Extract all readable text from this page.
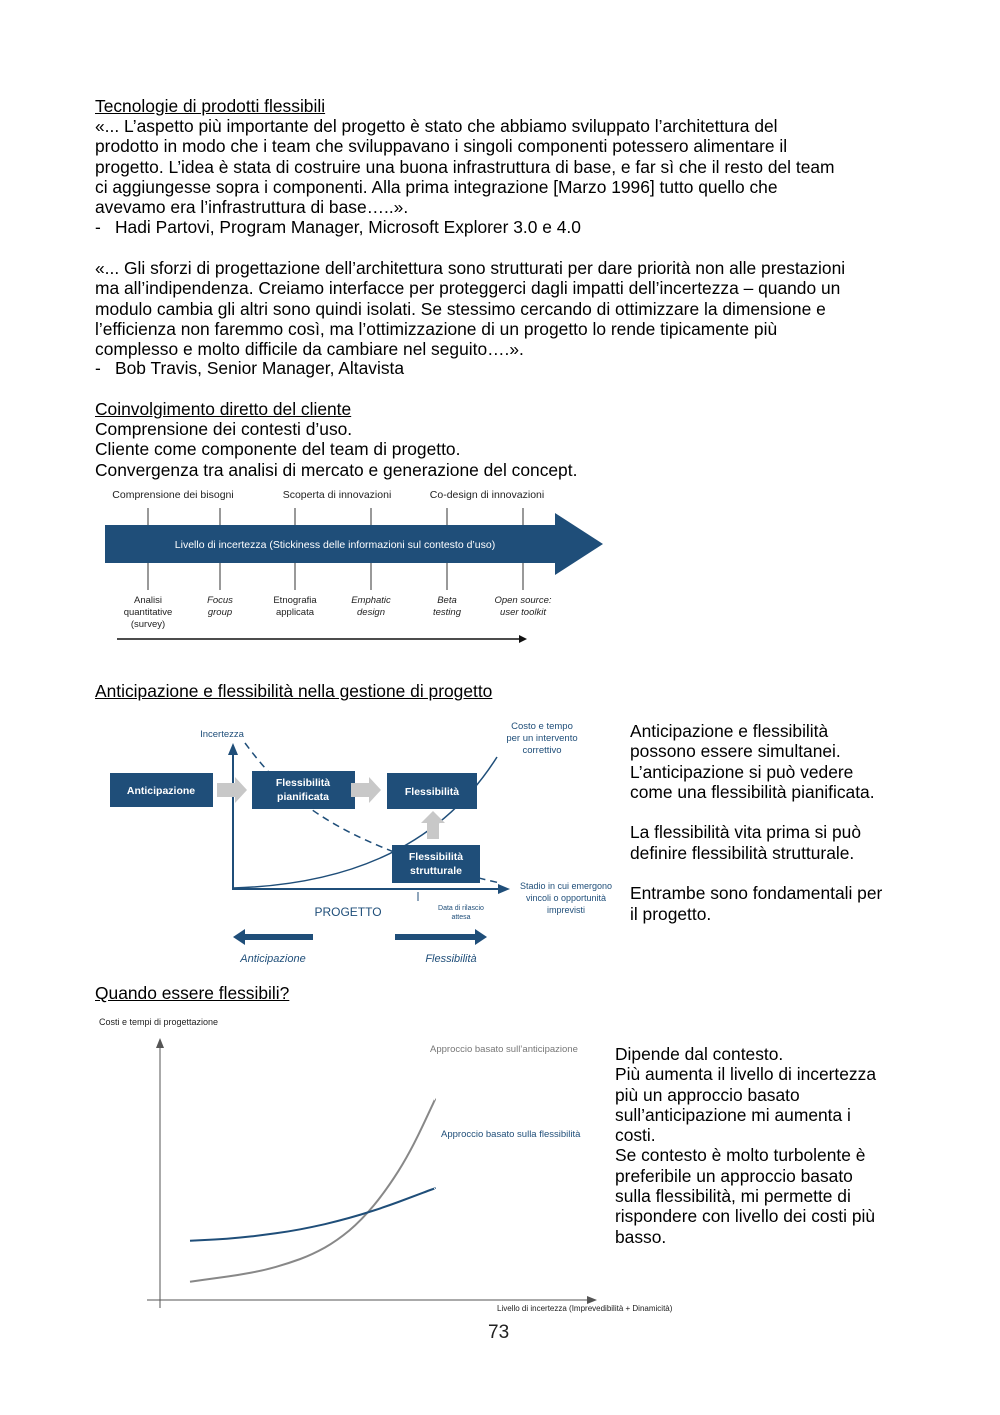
Tecnologie di prodotti flessibili
«... L’aspetto più importante del progetto è stato che abbiamo sviluppato l’architettura del
prodotto in modo che i team che sviluppavano i singoli componenti potessero alimentare il
progetto. L’idea è stata di costruire una buona infrastruttura di base, e far sì che il resto del team
ci aggiungesse sopra i componenti. Alla prima integrazione [Marzo 1996] tutto quello che
avevamo era l’infrastruttura di base…..».
- Hadi Partovi, Program Manager, Microsoft Explorer 3.0 e 4.0
«... Gli sforzi di progettazione dell’architettura sono strutturati per dare priorità non alle prestazioni
ma all’indipendenza. Creiamo interfacce per proteggerci dagli impatti dell’incertezza – quando un
modulo cambia gli altri sono quindi isolati. Se stessimo cercando di ottimizzare la dimensione e
l’efficienza non faremmo così, ma l’ottimizzazione di un progetto lo rende tipicamente più
complesso e molto difficile da cambiare nel seguito….».
- Bob Travis, Senior Manager, Altavista
Coinvolgimento diretto del cliente
Comprensione dei contesti d’uso.
Cliente come componente del team di progetto.
Convergenza tra analisi di mercato e generazione del concept.
Comprensione dei bisogni	Scoperta di innovazioni	Co-design di innovazioni
Livello di incertezza (Stickiness delle informazioni sul contesto d’uso)
Analisi
quantitative
(survey)
Focus
group
Etnografia
applicata
Emphatic
design
Beta
testing
Open source:
user toolkit
Anticipazione e flessibilità nella gestione di progetto
Incertezza
Costo e tempo
per un intervento
correttivo
Anticipazione
Flessibilità
pianificata	Flessibilità
Flessibilità
strutturale
Stadio in cui emergono
vincoli o opportunità
imprevisti
PROGETTO	Data di rilascio
attesa
Anticipazione	Flessibilità
Anticipazione e flessibilità
possono essere simultanei.
L’anticipazione si può vedere
come una flessibilità pianificata.
La flessibilità vita prima si può
definire flessibilità strutturale.
Entrambe sono fondamentali per
il progetto.
Quando essere flessibili?
Costi e tempi di progettazione
Livello di incertezza (Imprevedibilità + Dinamicità)
Approccio basato sull’anticipazione
Approccio basato sulla flessibilità
Dipende dal contesto.
Più aumenta il livello di incertezza
più un approccio basato
sull’anticipazione mi aumenta i
costi.
Se contesto è molto turbolente è
preferibile un approccio basato
sulla flessibilità, mi permette di
rispondere con livello dei costi più
basso.
73
